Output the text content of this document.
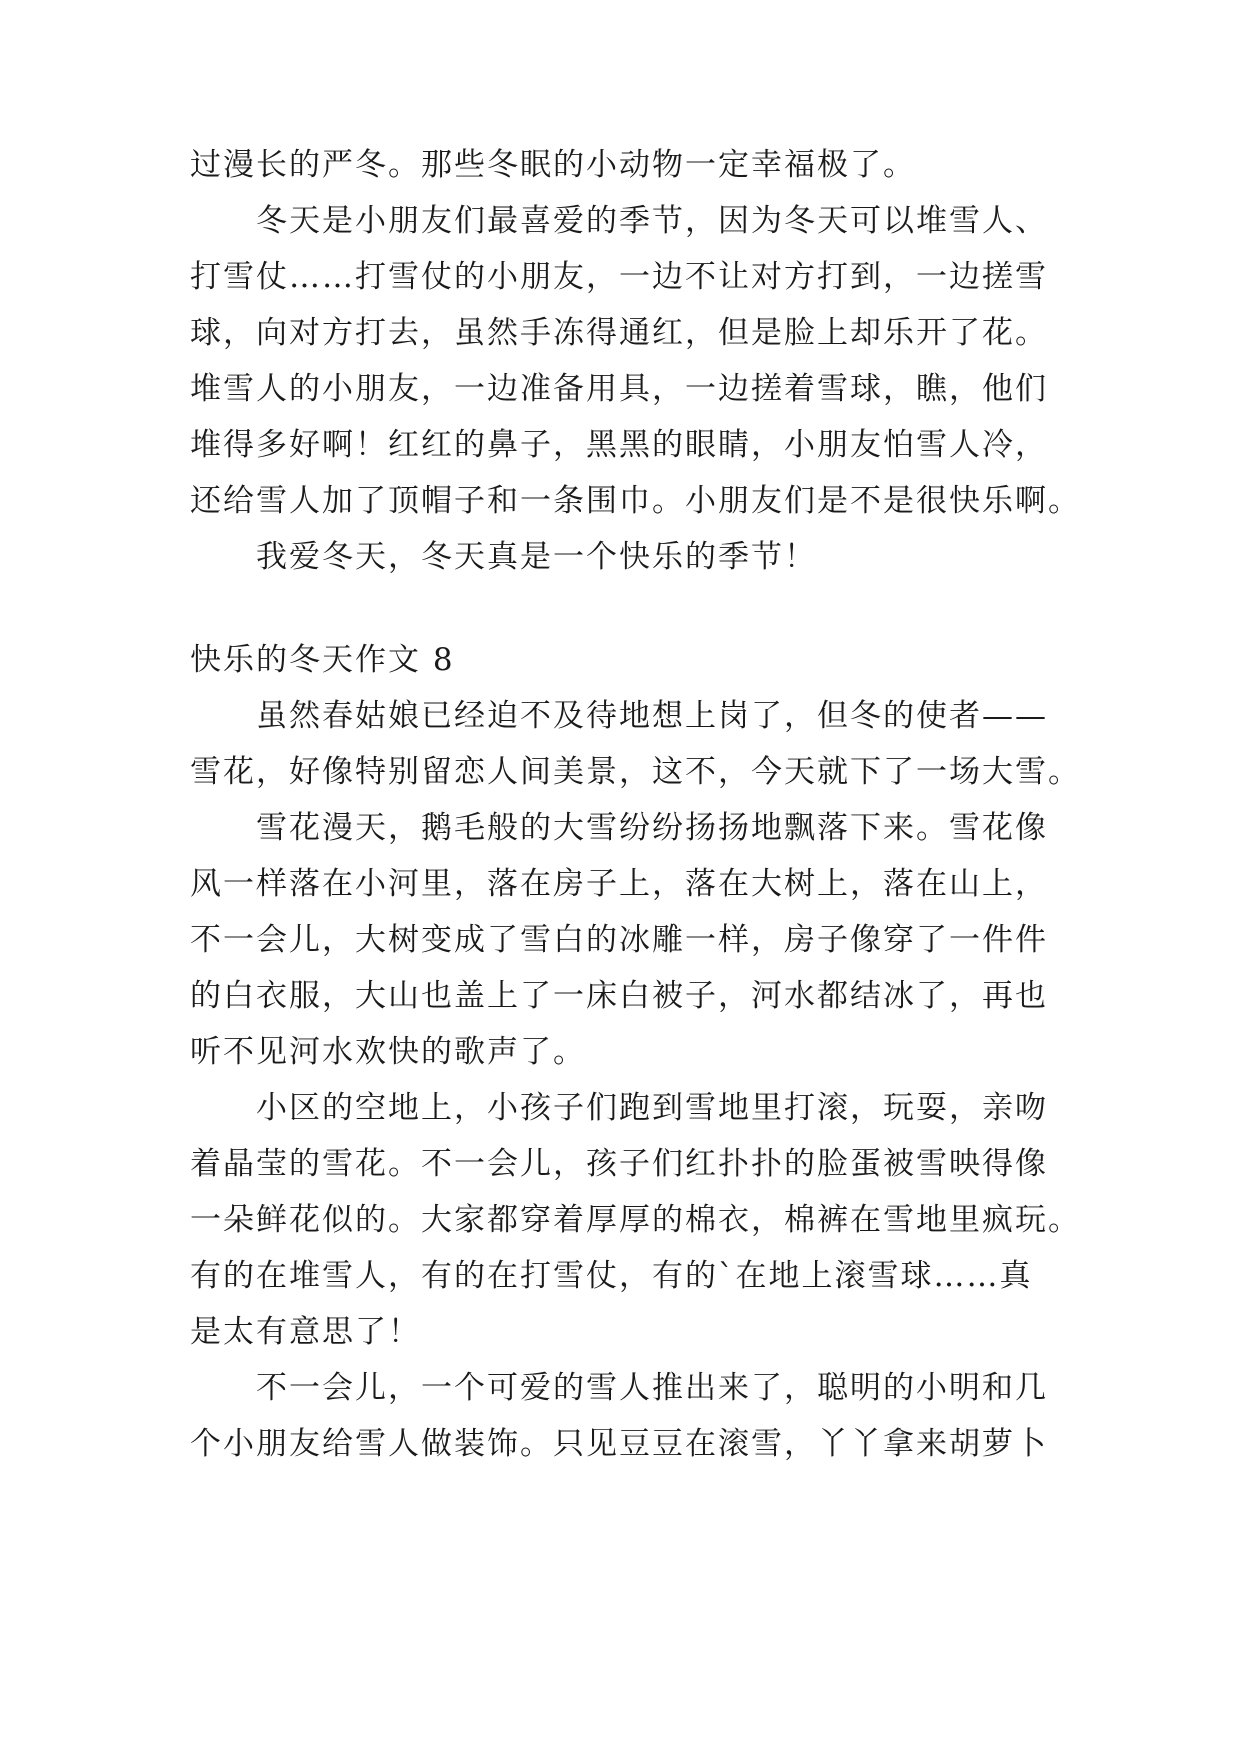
过漫长的严冬。那些冬眠的小动物一定幸福极了。
冬天是小朋友们最喜爱的季节，因为冬天可以堆雪人、
打雪仗……打雪仗的小朋友，一边不让对方打到，一边搓雪
球，向对方打去，虽然手冻得通红，但是脸上却乐开了花。
堆雪人的小朋友，一边准备用具，一边搓着雪球，瞧，他们
堆得多好啊！红红的鼻子，黑黑的眼睛，小朋友怕雪人冷，
还给雪人加了顶帽子和一条围巾。小朋友们是不是很快乐啊。
我爱冬天，冬天真是一个快乐的季节！
快乐的冬天作文 8
虽然春姑娘已经迫不及待地想上岗了，但冬的使者——
雪花，好像特别留恋人间美景，这不，今天就下了一场大雪。
雪花漫天，鹅毛般的大雪纷纷扬扬地飘落下来。雪花像
风一样落在小河里，落在房子上，落在大树上，落在山上，
不一会儿，大树变成了雪白的冰雕一样，房子像穿了一件件
的白衣服，大山也盖上了一床白被子，河水都结冰了，再也
听不见河水欢快的歌声了。
小区的空地上，小孩子们跑到雪地里打滚，玩耍，亲吻
着晶莹的雪花。不一会儿，孩子们红扑扑的脸蛋被雪映得像
一朵鲜花似的。大家都穿着厚厚的棉衣，棉裤在雪地里疯玩。
有的在堆雪人，有的在打雪仗，有的`在地上滚雪球……真
是太有意思了！
不一会儿，一个可爱的雪人推出来了，聪明的小明和几
个小朋友给雪人做装饰。只见豆豆在滚雪，丫丫拿来胡萝卜
